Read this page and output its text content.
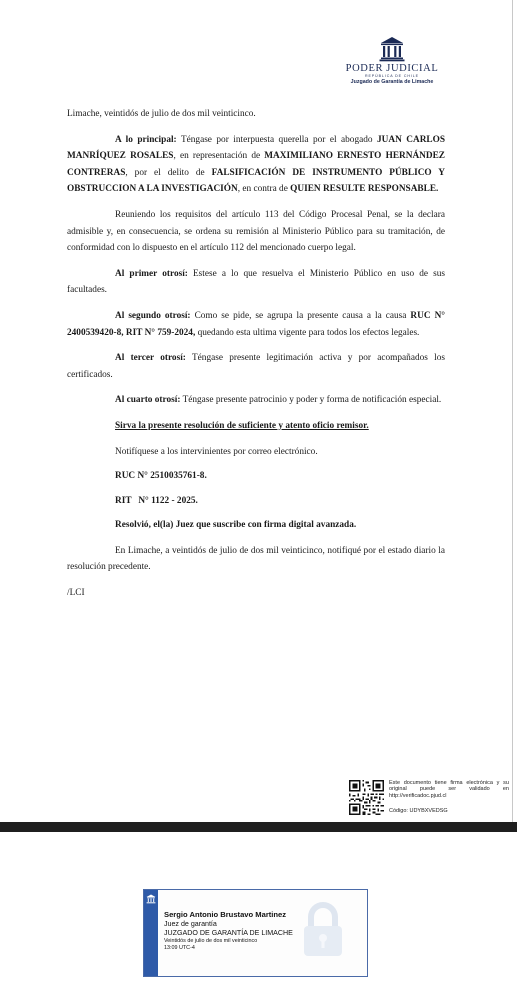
PODER JUDICIAL
REPÚBLICA DE CHILE
Juzgado de Garantía de Limache

Limache, veintidós de julio de dos mil veinticinco.

A lo principal: Téngase por interpuesta querella por el abogado JUAN CARLOS MANRÍQUEZ ROSALES, en representación de MAXIMILIANO ERNESTO HERNÁNDEZ CONTRERAS, por el delito de FALSIFICACIÓN DE INSTRUMENTO PÚBLICO Y OBSTRUCCION A LA INVESTIGACIÓN, en contra de QUIEN RESULTE RESPONSABLE.

Reuniendo los requisitos del artículo 113 del Código Procesal Penal, se la declara admisible y, en consecuencia, se ordena su remisión al Ministerio Público para su tramitación, de conformidad con lo dispuesto en el artículo 112 del mencionado cuerpo legal.

Al primer otrosí: Estese a lo que resuelva el Ministerio Público en uso de sus facultades.

Al segundo otrosí: Como se pide, se agrupa la presente causa a la causa RUC N° 2400539420-8, RIT N° 759-2024, quedando esta ultima vigente para todos los efectos legales.

Al tercer otrosí: Téngase presente legitimación activa y por acompañados los certificados.

Al cuarto otrosí: Téngase presente patrocinio y poder y forma de notificación especial.

Sirva la presente resolución de suficiente y atento oficio remisor.

Notifíquese a los intervinientes por correo electrónico.

RUC N° 2510035761-8.

RIT   N° 1122 - 2025.

Resolvió, el(la) Juez que suscribe con firma digital avanzada.

En Limache, a veintidós de julio de dos mil veinticinco, notifiqué por el estado diario la resolución precedente.

/LCI

Este documento tiene firma electrónica y su original puede ser validado en http://verificadoc.pjud.cl
Código: UDYBXVEDSG
Sergio Antonio Brustavo Martinez
Juez de garantía
JUZGADO DE GARANTÍA DE LIMACHE
Veintidós de julio de dos mil veinticinco
13:09 UTC-4
